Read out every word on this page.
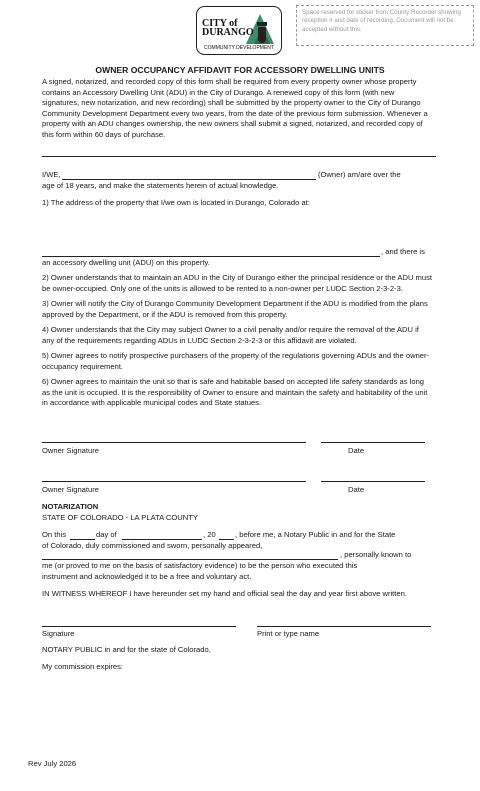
Space reserved for sticker from County Recorder showing reception # and date of recording. Document will not be accepted without this.
CITY of
DURANGO
COMMUNITY DEVELOPMENT
OWNER OCCUPANCY AFFIDAVIT FOR ACCESSORY DWELLING UNITS
A signed, notarized, and recorded copy of this form shall be required from every property owner whose property contains an Accessory Dwelling Unit (ADU) in the City of Durango. A renewed copy of this form (with new signatures, new notarization, and new recording) shall be submitted by the property owner to the City of Durango Community Development Department every two years, from the date of the previous form submission. Whenever a property with an ADU changes ownership, the new owners shall submit a signed, notarized, and recorded copy of this form within 60 days of purchase.
I/WE,	(Owner) am/are over the
age of 18 years, and make the statements herein of actual knowledge.
1) The address of the property that I/we own is located in Durango, Colorado at:
, and there is
an accessory dwelling unit (ADU) on this property.
2) Owner understands that to maintain an ADU in the City of Durango either the principal residence or the ADU must be owner-occupied. Only one of the units is allowed to be rented to a non-owner per LUDC Section 2-3-2-3.
3) Owner will notify the City of Durango Community Development Department if the ADU is modified from the plans approved by the Department, or if the ADU is removed from this property.
4) Owner understands that the City may subject Owner to a civil penalty and/or require the removal of the ADU if any of the requirements regarding ADUs in LUDC Section 2-3-2-3 or this affidavit are violated.
5) Owner agrees to notify prospective purchasers of the property of the regulations governing ADUs and the owner-occupancy requirement.
6) Owner agrees to maintain the unit so that is safe and habitable based on accepted life safety standards as long as the unit is occupied. It is the responsibility of Owner to ensure and maintain the safety and habitability of the unit in accordance with applicable municipal codes and State statues.
Owner Signature	Date
Owner Signature	Date
NOTARIZATION
STATE OF COLORADO - LA PLATA COUNTY
On this	day of	, 20	, before me, a Notary Public in and for the State
of Colorado, duly commissioned and sworn, personally appeared,
, personally known to
me (or proved to me on the basis of satisfactory evidence) to be the person who executed this
instrument and acknowledged it to be a free and voluntary act.
IN WITNESS WHEREOF I have hereunder set my hand and official seal the day and year first above written.
Signature	Print or type name
NOTARY PUBLIC in and for the state of Colorado,
My commission expires:
Rev July 2026
